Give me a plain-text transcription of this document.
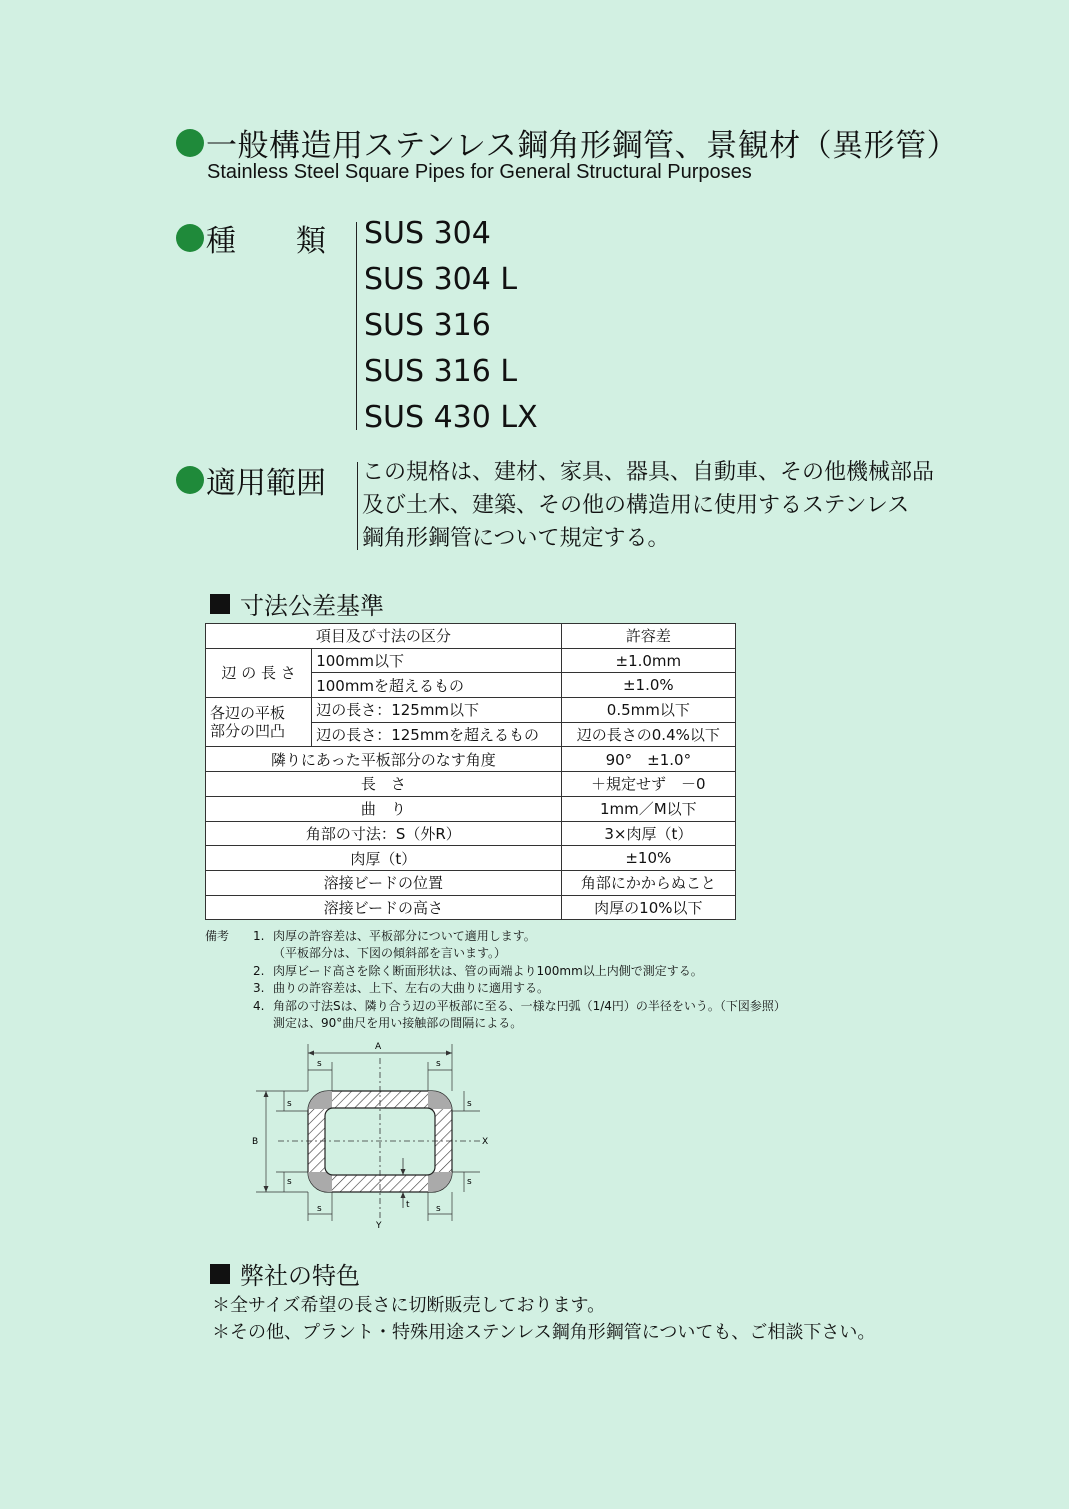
一般構造用ステンレス鋼角形鋼管、景観材（異形管）
Stainless Steel Square Pipes for General Structural Purposes
種　　類 SUS 304
SUS 304 L
SUS 316
SUS 316 L
SUS 430 LX
適用範囲 この規格は、建材、家具、器具、自動車、その他機械部品
及び土木、建築、その他の構造用に使用するステンレス
鋼角形鋼管について規定する。
寸法公差基準
項目及び寸法の区分		許容差
辺 の 長 さ	100mm以下	±1.0mm
	100mmを超えるもの	±1.0%

各辺の平板
部分の凹凸	辺の長さ：125mm以下	0.5mm以下
	辺の長さ：125mmを超えるもの	辺の長さの0.4%以下
隣りにあった平板部分のなす角度		90°　±1.0°
長　さ		＋規定せず　－0
曲　り		1mm／M以下
角部の寸法：S（外R）		3×肉厚（t）
肉厚（t）		±10%
溶接ビードの位置		角部にかからぬこと
溶接ビードの高さ		肉厚の10%以下
備考 1. 肉厚の許容差は、平板部分について適用します。
（平板部分は、下図の傾斜部を言います。）
2. 肉厚ビード高さを除く断面形状は、管の両端より100mm以上内側で測定する。
3. 曲りの許容差は、上下、左右の大曲りに適用する。
4. 角部の寸法Sは、隣り合う辺の平板部に至る、一様な円弧（1/4円）の半径をいう。（下図参照）
測定は、90°曲尺を用い接触部の間隔による。
X
Y
A
s	s
B
s
s
s
s
s	s
t
弊社の特色
＊全サイズ希望の長さに切断販売しております。
＊その他、プラント・特殊用途ステンレス鋼角形鋼管についても、ご相談下さい。
